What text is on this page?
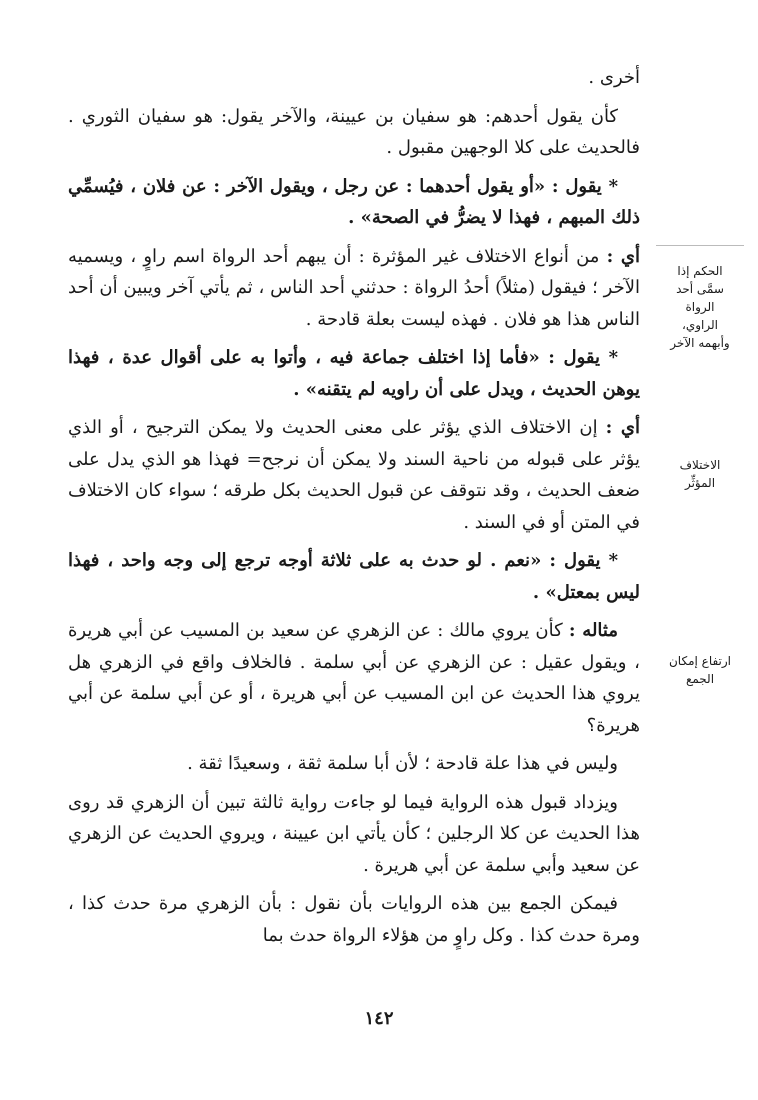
أخرى .

كأن يقول أحدهم: هو سفيان بن عيينة، والآخر يقول: هو سفيان الثوري . فالحديث على كلا الوجهين مقبول .

* يقول : «أو يقول أحدهما : عن رجل ، ويقول الآخر : عن فلان ، فيُسمِّي ذلك المبهم ، فهذا لا يضرُّ في الصحة» .

أي : من أنواع الاختلاف غير المؤثرة : أن يبهم أحد الرواة اسم راوٍ ، ويسميه الآخر ؛ فيقول (مثلاً) أحدُ الرواة : حدثني أحد الناس ، ثم يأتي آخر ويبين أن أحد الناس هذا هو فلان . فهذه ليست بعلة قادحة .

* يقول : «فأما إذا اختلف جماعة فيه ، وأتوا به على أقوال عدة ، فهذا يوهن الحديث ، ويدل على أن راويه لم يتقنه» .

أي : إن الاختلاف الذي يؤثر على معنى الحديث ولا يمكن الترجيح ، أو الذي يؤثر على قبوله من ناحية السند ولا يمكن أن نرجح= فهذا هو الذي يدل على ضعف الحديث ، وقد نتوقف عن قبول الحديث بكل طرقه ؛ سواء كان الاختلاف في المتن أو في السند .

* يقول : «نعم . لو حدث به على ثلاثة أوجه ترجع إلى وجه واحد ، فهذا ليس بمعتل» .

مثاله : كأن يروي مالك : عن الزهري عن سعيد بن المسيب عن أبي هريرة ، ويقول عقيل : عن الزهري عن أبي سلمة . فالخلاف واقع في الزهري هل يروي هذا الحديث عن ابن المسيب عن أبي هريرة ، أو عن أبي سلمة عن أبي هريرة؟

وليس في هذا علة قادحة ؛ لأن أبا سلمة ثقة ، وسعيدًا ثقة .

ويزداد قبول هذه الرواية فيما لو جاءت رواية ثالثة تبين أن الزهري قد روى هذا الحديث عن كلا الرجلين ؛ كأن يأتي ابن عيينة ، ويروي الحديث عن الزهري عن سعيد وأبي سلمة عن أبي هريرة .

فيمكن الجمع بين هذه الروايات بأن نقول : بأن الزهري مرة حدث كذا ، ومرة حدث كذا . وكل راوٍ من هؤلاء الرواة حدث بما

الحكم إذا
سمَّى أحد
الرواة
الراوي،
وأبهمه الآخر
الاختلاف
المؤثِّر
ارتفاع إمكان
الجمع
١٤٢
